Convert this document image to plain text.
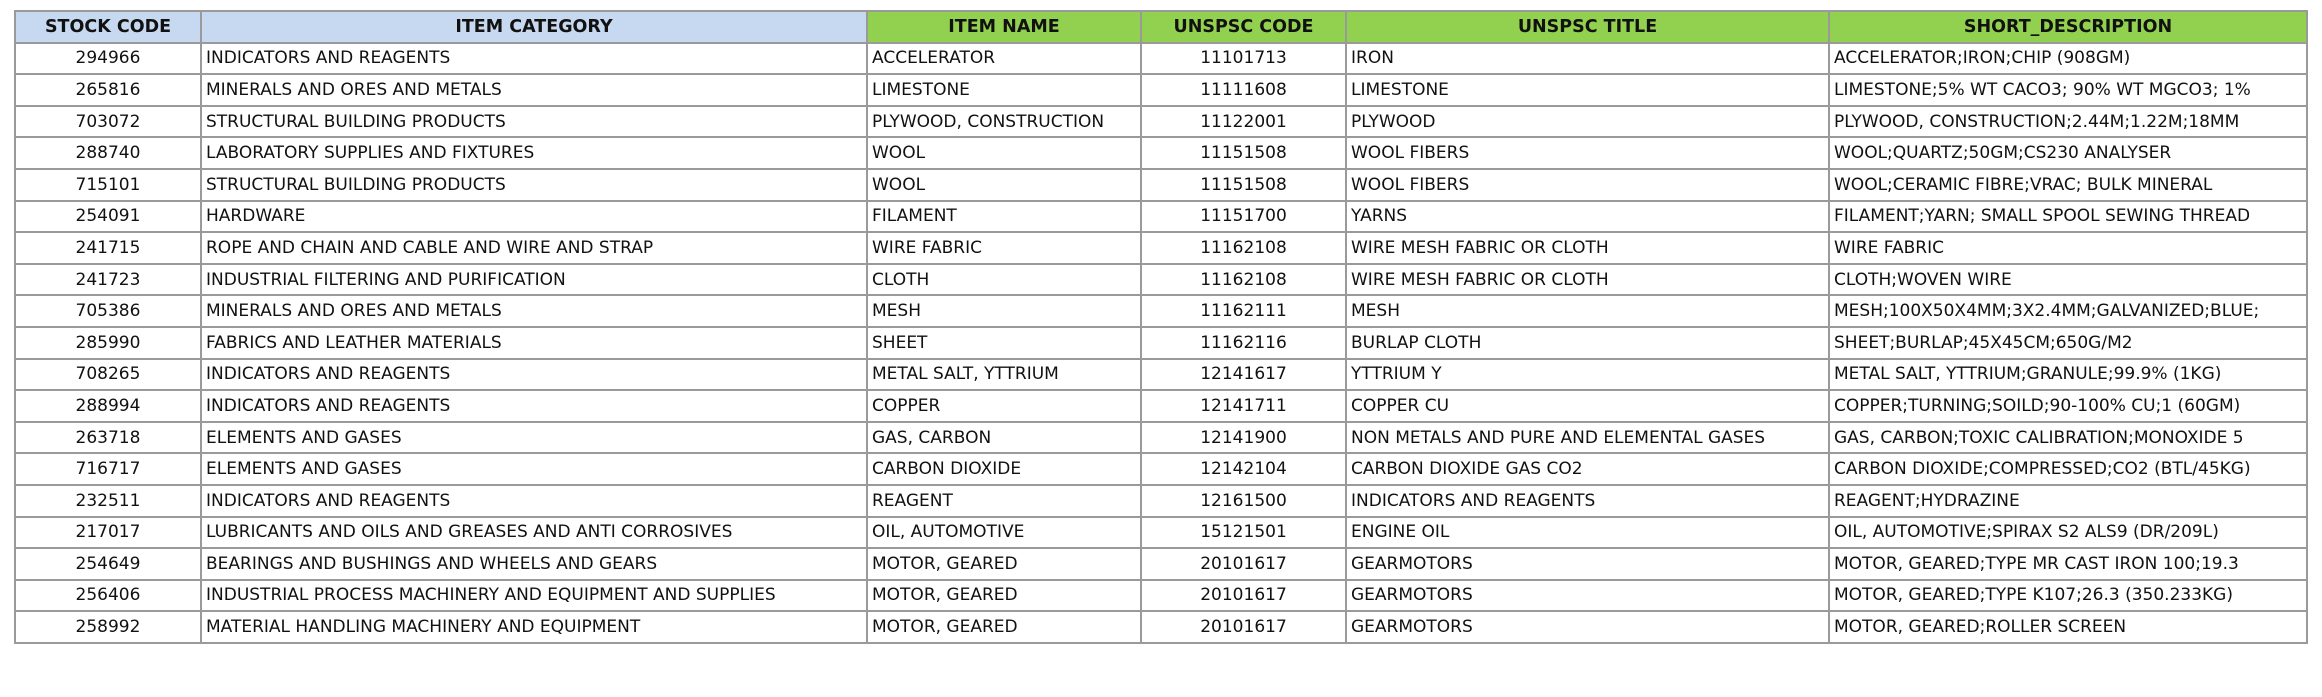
STOCK CODE	ITEM CATEGORY	ITEM NAME	UNSPSC CODE	UNSPSC TITLE	SHORT_DESCRIPTION
294966	INDICATORS AND REAGENTS	ACCELERATOR	11101713	IRON	ACCELERATOR;IRON;CHIP (908GM)
265816	MINERALS AND ORES AND METALS	LIMESTONE	11111608	LIMESTONE	LIMESTONE;5% WT CACO3; 90% WT MGCO3; 1%
703072	STRUCTURAL BUILDING PRODUCTS	PLYWOOD, CONSTRUCTION	11122001	PLYWOOD	PLYWOOD, CONSTRUCTION;2.44M;1.22M;18MM
288740	LABORATORY SUPPLIES AND FIXTURES	WOOL	11151508	WOOL FIBERS	WOOL;QUARTZ;50GM;CS230 ANALYSER
715101	STRUCTURAL BUILDING PRODUCTS	WOOL	11151508	WOOL FIBERS	WOOL;CERAMIC FIBRE;VRAC; BULK MINERAL
254091	HARDWARE	FILAMENT	11151700	YARNS	FILAMENT;YARN; SMALL SPOOL SEWING THREAD
241715	ROPE AND CHAIN AND CABLE AND WIRE AND STRAP	WIRE FABRIC	11162108	WIRE MESH FABRIC OR CLOTH	WIRE FABRIC
241723	INDUSTRIAL FILTERING AND PURIFICATION	CLOTH	11162108	WIRE MESH FABRIC OR CLOTH	CLOTH;WOVEN WIRE
705386	MINERALS AND ORES AND METALS	MESH	11162111	MESH	MESH;100X50X4MM;3X2.4MM;GALVANIZED;BLUE;
285990	FABRICS AND LEATHER MATERIALS	SHEET	11162116	BURLAP CLOTH	SHEET;BURLAP;45X45CM;650G/M2
708265	INDICATORS AND REAGENTS	METAL SALT, YTTRIUM	12141617	YTTRIUM Y	METAL SALT, YTTRIUM;GRANULE;99.9% (1KG)
288994	INDICATORS AND REAGENTS	COPPER	12141711	COPPER CU	COPPER;TURNING;SOILD;90-100% CU;1 (60GM)
263718	ELEMENTS AND GASES	GAS, CARBON	12141900	NON METALS AND PURE AND ELEMENTAL GASES	GAS, CARBON;TOXIC CALIBRATION;MONOXIDE 5
716717	ELEMENTS AND GASES	CARBON DIOXIDE	12142104	CARBON DIOXIDE GAS CO2	CARBON DIOXIDE;COMPRESSED;CO2 (BTL/45KG)
232511	INDICATORS AND REAGENTS	REAGENT	12161500	INDICATORS AND REAGENTS	REAGENT;HYDRAZINE
217017	LUBRICANTS AND OILS AND GREASES AND ANTI CORROSIVES	OIL, AUTOMOTIVE	15121501	ENGINE OIL	OIL, AUTOMOTIVE;SPIRAX S2 ALS9 (DR/209L)
254649	BEARINGS AND BUSHINGS AND WHEELS AND GEARS	MOTOR, GEARED	20101617	GEARMOTORS	MOTOR, GEARED;TYPE MR CAST IRON 100;19.3
256406	INDUSTRIAL PROCESS MACHINERY AND EQUIPMENT AND SUPPLIES	MOTOR, GEARED	20101617	GEARMOTORS	MOTOR, GEARED;TYPE K107;26.3 (350.233KG)
258992	MATERIAL HANDLING MACHINERY AND EQUIPMENT	MOTOR, GEARED	20101617	GEARMOTORS	MOTOR, GEARED;ROLLER SCREEN
